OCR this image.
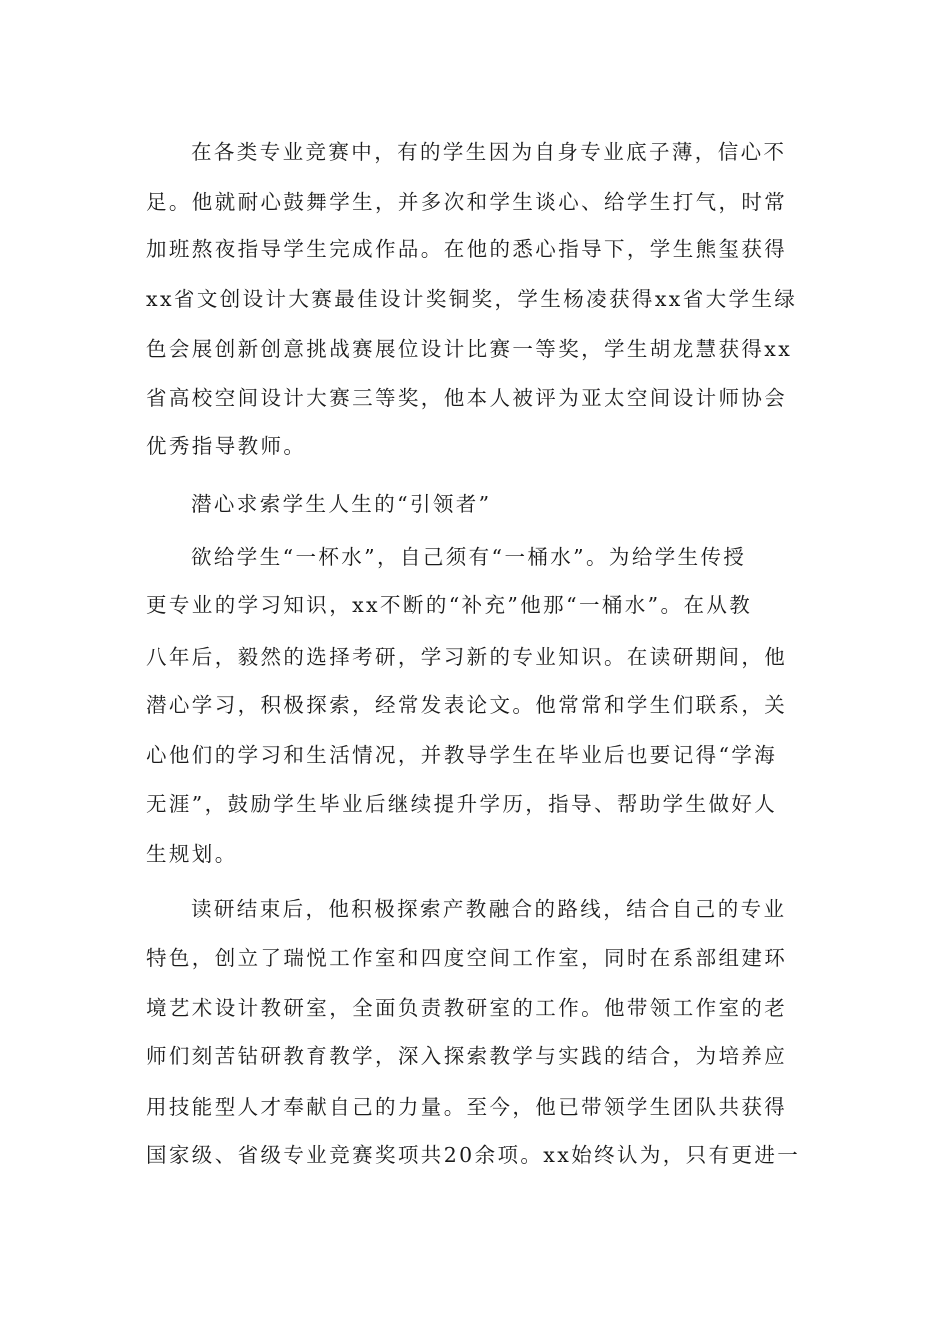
在各类专业竞赛中，有的学生因为自身专业底子薄，信心不
足。他就耐心鼓舞学生，并多次和学生谈心、给学生打气，时常
加班熬夜指导学生完成作品。在他的悉心指导下，学生熊玺获得
xx省文创设计大赛最佳设计奖铜奖，学生杨凌获得xx省大学生绿
色会展创新创意挑战赛展位设计比赛一等奖，学生胡龙慧获得xx
省高校空间设计大赛三等奖，他本人被评为亚太空间设计师协会
优秀指导教师。
潜心求索学生人生的“引领者”
欲给学生“一杯水”，自己须有“一桶水”。为给学生传授
更专业的学习知识，xx不断的“补充”他那“一桶水”。在从教
八年后，毅然的选择考研，学习新的专业知识。在读研期间，他
潜心学习，积极探索，经常发表论文。他常常和学生们联系，关
心他们的学习和生活情况，并教导学生在毕业后也要记得“学海
无涯”，鼓励学生毕业后继续提升学历，指导、帮助学生做好人
生规划。
读研结束后，他积极探索产教融合的路线，结合自己的专业
特色，创立了瑞悦工作室和四度空间工作室，同时在系部组建环
境艺术设计教研室，全面负责教研室的工作。他带领工作室的老
师们刻苦钻研教育教学，深入探索教学与实践的结合，为培养应
用技能型人才奉献自己的力量。至今，他已带领学生团队共获得
国家级、省级专业竞赛奖项共20余项。xx始终认为，只有更进一
